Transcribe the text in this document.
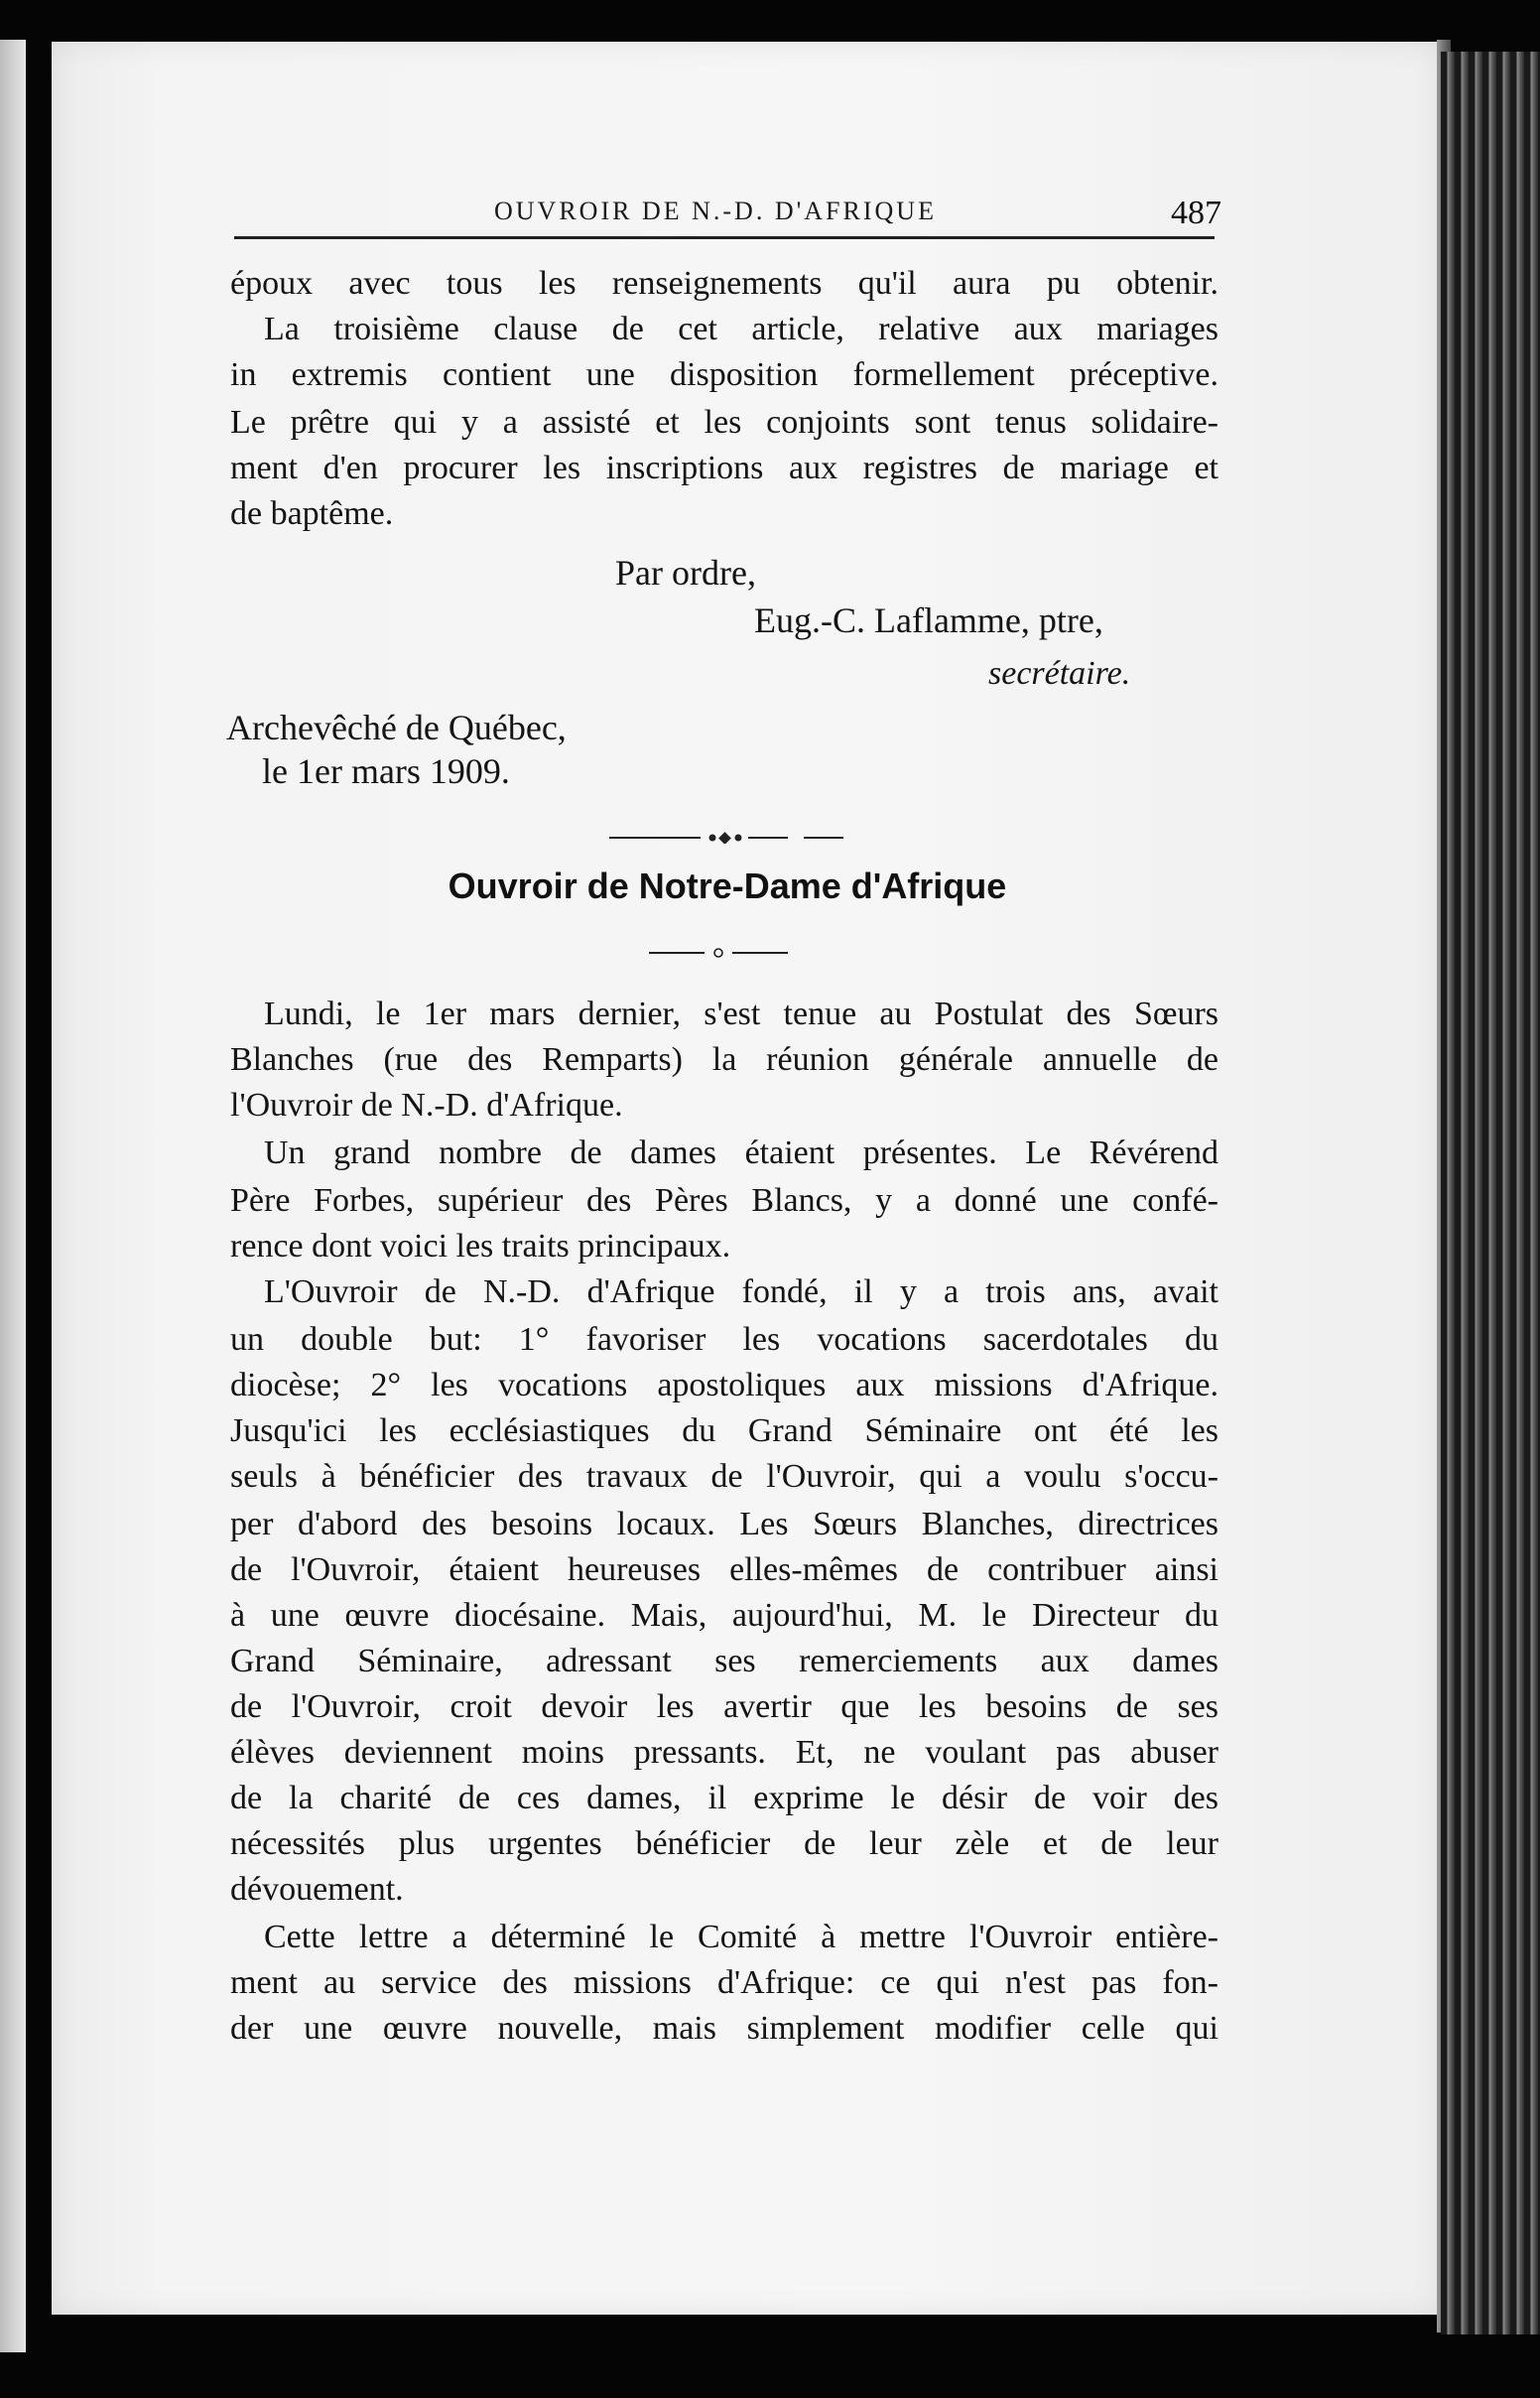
OUVROIR DE N.-D. D'AFRIQUE	487
époux avec tous les renseignements qu'il aura pu obtenir.
La troisième clause de cet article, relative aux mariages
in extremis contient une disposition formellement préceptive.
Le prêtre qui y a assisté et les conjoints sont tenus solidaire-
ment d'en procurer les inscriptions aux registres de mariage et
de baptême.
Par ordre,
Eug.-C. Laflamme, ptre,
secrétaire.
Archevêché de Québec,
le 1er mars 1909.
Ouvroir de Notre-Dame d'Afrique
Lundi, le 1er mars dernier, s'est tenue au Postulat des Sœurs
Blanches (rue des Remparts) la réunion générale annuelle de
l'Ouvroir de N.-D. d'Afrique.
Un grand nombre de dames étaient présentes. Le Révérend
Père Forbes, supérieur des Pères Blancs, y a donné une confé-
rence dont voici les traits principaux.
L'Ouvroir de N.-D. d'Afrique fondé, il y a trois ans, avait
un double but: 1° favoriser les vocations sacerdotales du
diocèse; 2° les vocations apostoliques aux missions d'Afrique.
Jusqu'ici les ecclésiastiques du Grand Séminaire ont été les
seuls à bénéficier des travaux de l'Ouvroir, qui a voulu s'occu-
per d'abord des besoins locaux. Les Sœurs Blanches, directrices
de l'Ouvroir, étaient heureuses elles-mêmes de contribuer ainsi
à une œuvre diocésaine. Mais, aujourd'hui, M. le Directeur du
Grand Séminaire, adressant ses remerciements aux dames
de l'Ouvroir, croit devoir les avertir que les besoins de ses
élèves deviennent moins pressants. Et, ne voulant pas abuser
de la charité de ces dames, il exprime le désir de voir des
nécessités plus urgentes bénéficier de leur zèle et de leur
dévouement.
Cette lettre a déterminé le Comité à mettre l'Ouvroir entière-
ment au service des missions d'Afrique: ce qui n'est pas fon-
der une œuvre nouvelle, mais simplement modifier celle qui
